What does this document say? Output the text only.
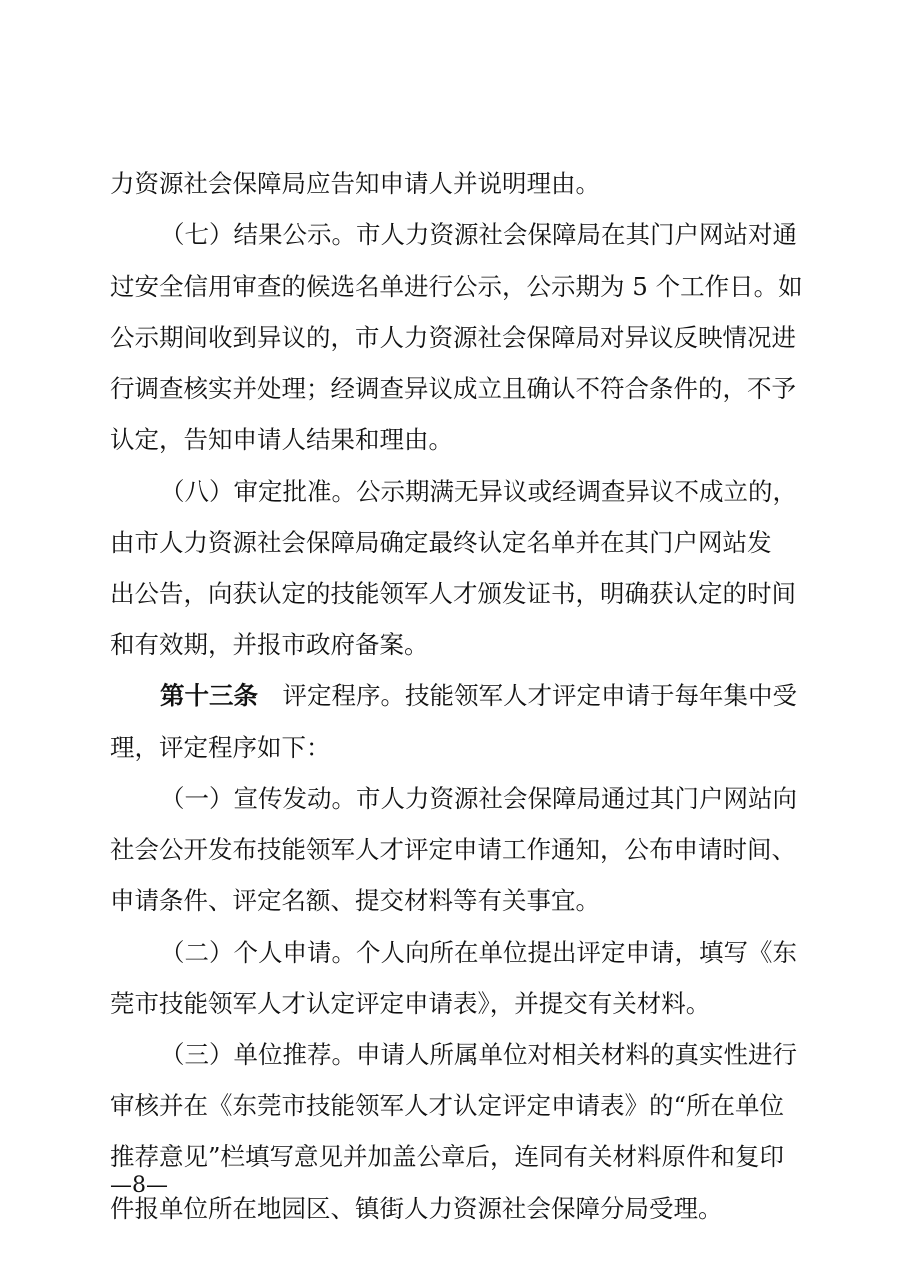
力资源社会保障局应告知申请人并说明理由。
（七）结果公示。市人力资源社会保障局在其门户网站对通
过安全信用审查的候选名单进行公示，公示期为 5 个工作日。如
公示期间收到异议的，市人力资源社会保障局对异议反映情况进
行调查核实并处理；经调查异议成立且确认不符合条件的，不予
认定，告知申请人结果和理由。
（八）审定批准。公示期满无异议或经调查异议不成立的，
由市人力资源社会保障局确定最终认定名单并在其门户网站发
出公告，向获认定的技能领军人才颁发证书，明确获认定的时间
和有效期，并报市政府备案。
第十三条　评定程序。技能领军人才评定申请于每年集中受
理，评定程序如下：
（一）宣传发动。市人力资源社会保障局通过其门户网站向
社会公开发布技能领军人才评定申请工作通知，公布申请时间、
申请条件、评定名额、提交材料等有关事宜。
（二）个人申请。个人向所在单位提出评定申请，填写《东
莞市技能领军人才认定评定申请表》，并提交有关材料。
（三）单位推荐。申请人所属单位对相关材料的真实性进行
审核并在《东莞市技能领军人才认定评定申请表》的“所在单位
推荐意见”栏填写意见并加盖公章后，连同有关材料原件和复印
件报单位所在地园区、镇街人力资源社会保障分局受理。
—8—
